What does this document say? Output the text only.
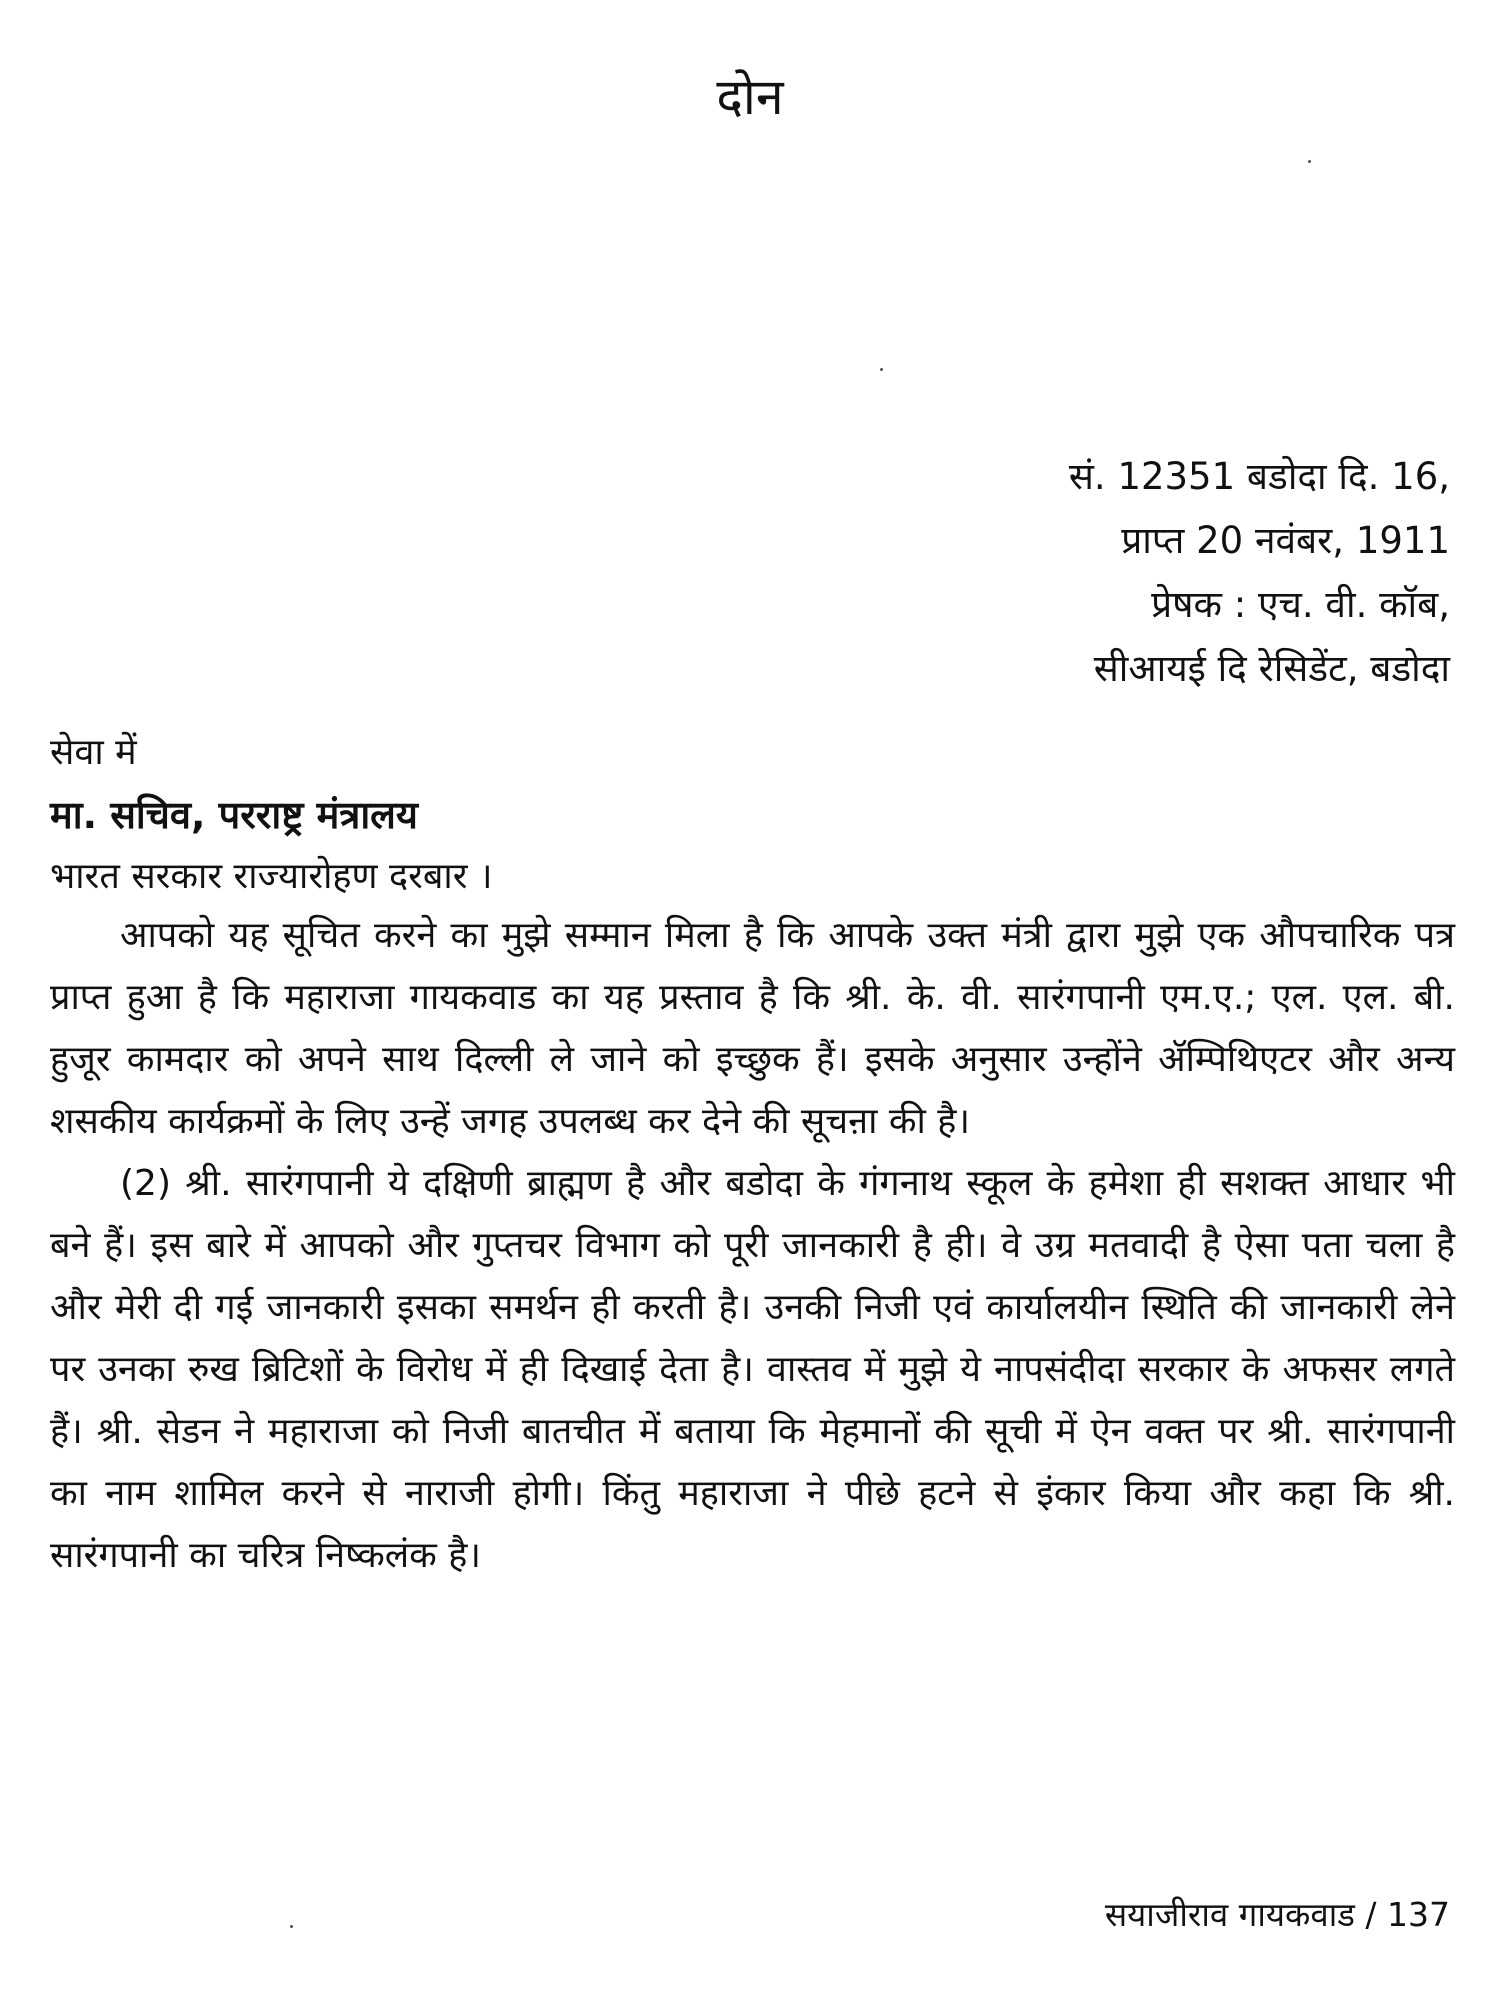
दोन
सं. 12351 बडोदा दि. 16,
प्राप्त 20 नवंबर, 1911
प्रेषक : एच. वी. कॉब,
सीआयई दि रेसिडेंट, बडोदा
सेवा में
मा. सचिव, परराष्ट्र मंत्रालय
भारत सरकार राज्यारोहण दरबार ।

आपको यह सूचित करने का मुझे सम्मान मिला है कि आपके उक्त मंत्री द्वारा मुझे एक औपचारिक पत्र प्राप्त हुआ है कि महाराजा गायकवाड का यह प्रस्ताव है कि श्री. के. वी. सारंगपानी एम.ए.; एल. एल. बी. हुजूर कामदार को अपने साथ दिल्ली ले जाने को इच्छुक हैं। इसके अनुसार उन्होंने ॲम्पिथिएटर और अन्य शसकीय कार्यक्रमों के लिए उन्हें जगह उपलब्ध कर देने की सूचऩा की है।

(2) श्री. सारंगपानी ये दक्षिणी ब्राह्मण है और बडोदा के गंगनाथ स्कूल के हमेशा ही सशक्त आधार भी बने हैं। इस बारे में आपको और गुप्तचर विभाग को पूरी जानकारी है ही। वे उग्र मतवादी है ऐसा पता चला है और मेरी दी गई जानकारी इसका समर्थन ही करती है। उनकी निजी एवं कार्यालयीन स्थिति की जानकारी लेने पर उनका रुख ब्रिटिशों के विरोध में ही दिखाई देता है। वास्तव में मुझे ये नापसंदीदा सरकार के अफसर लगते हैं। श्री. सेडन ने महाराजा को निजी बातचीत में बताया कि मेहमानों की सूची में ऐन वक्त पर श्री. सारंगपानी का नाम शामिल करने से नाराजी होगी। किंतु महाराजा ने पीछे हटने से इंकार किया और कहा कि श्री. सारंगपानी का चरित्र निष्कलंक है।

सयाजीराव गायकवाड / 137
